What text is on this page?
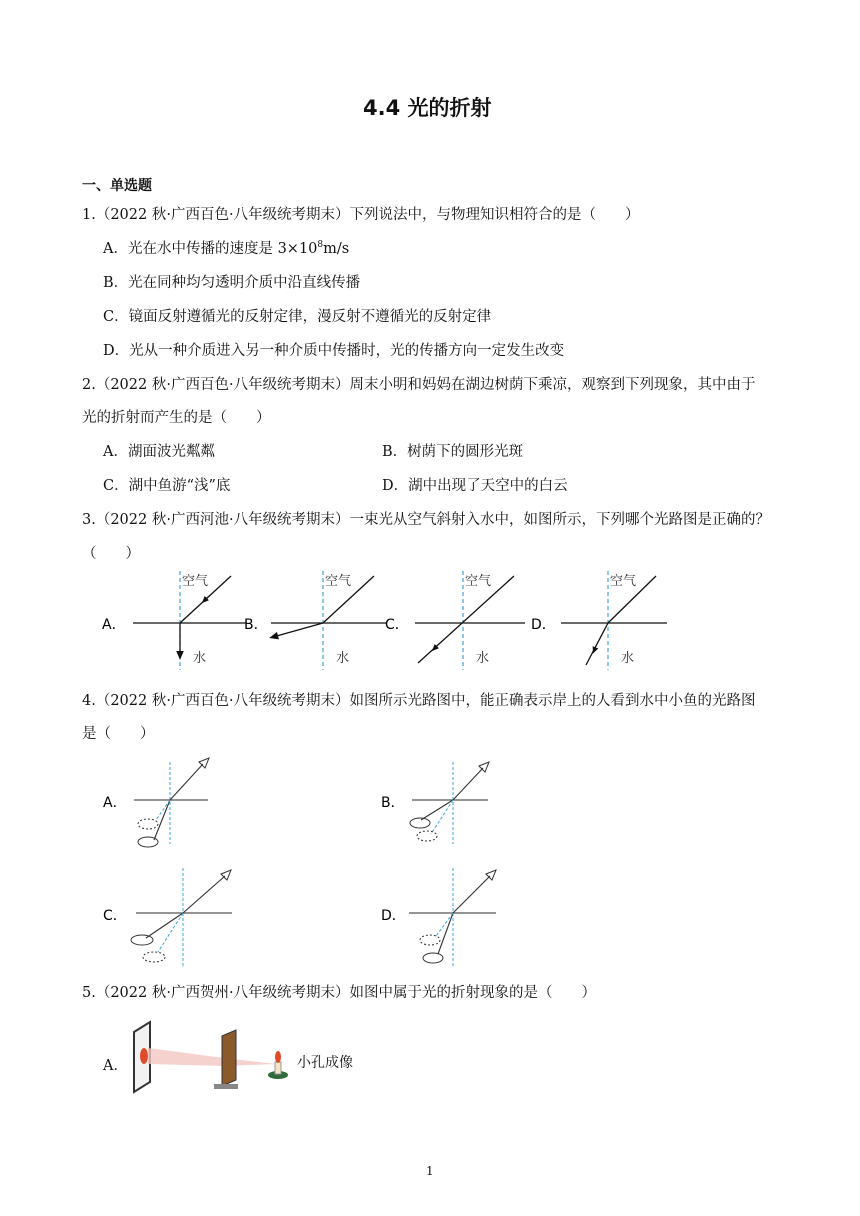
4.4 光的折射
一、单选题
1.（2022 秋·广西百色·八年级统考期末）下列说法中，与物理知识相符合的是（　　）
A．光在水中传播的速度是 $3\times 10^8m/s$
B．光在同种均匀透明介质中沿直线传播
C．镜面反射遵循光的反射定律，漫反射不遵循光的反射定律
D．光从一种介质进入另一种介质中传播时，光的传播方向一定发生改变
2.（2022 秋·广西百色·八年级统考期末）周末小明和妈妈在湖边树荫下乘凉，观察到下列现象，其中由于
光的折射而产生的是（　　）
A．湖面波光粼粼	B．树荫下的圆形光斑
C．湖中鱼游“浅”底	D．湖中出现了天空中的白云
3.（2022 秋·广西河池·八年级统考期末）一束光从空气斜射入水中，如图所示，下列哪个光路图是正确的？
（　　）
A．
空气
水
B．
空气
水
C．
空气
水
D．
空气
水
4.（2022 秋·广西百色·八年级统考期末）如图所示光路图中，能正确表示岸上的人看到水中小鱼的光路图
是（　　）
A．	B．
C．	D．
5.（2022 秋·广西贺州·八年级统考期末）如图中属于光的折射现象的是（　　）
A．	小孔成像
1
